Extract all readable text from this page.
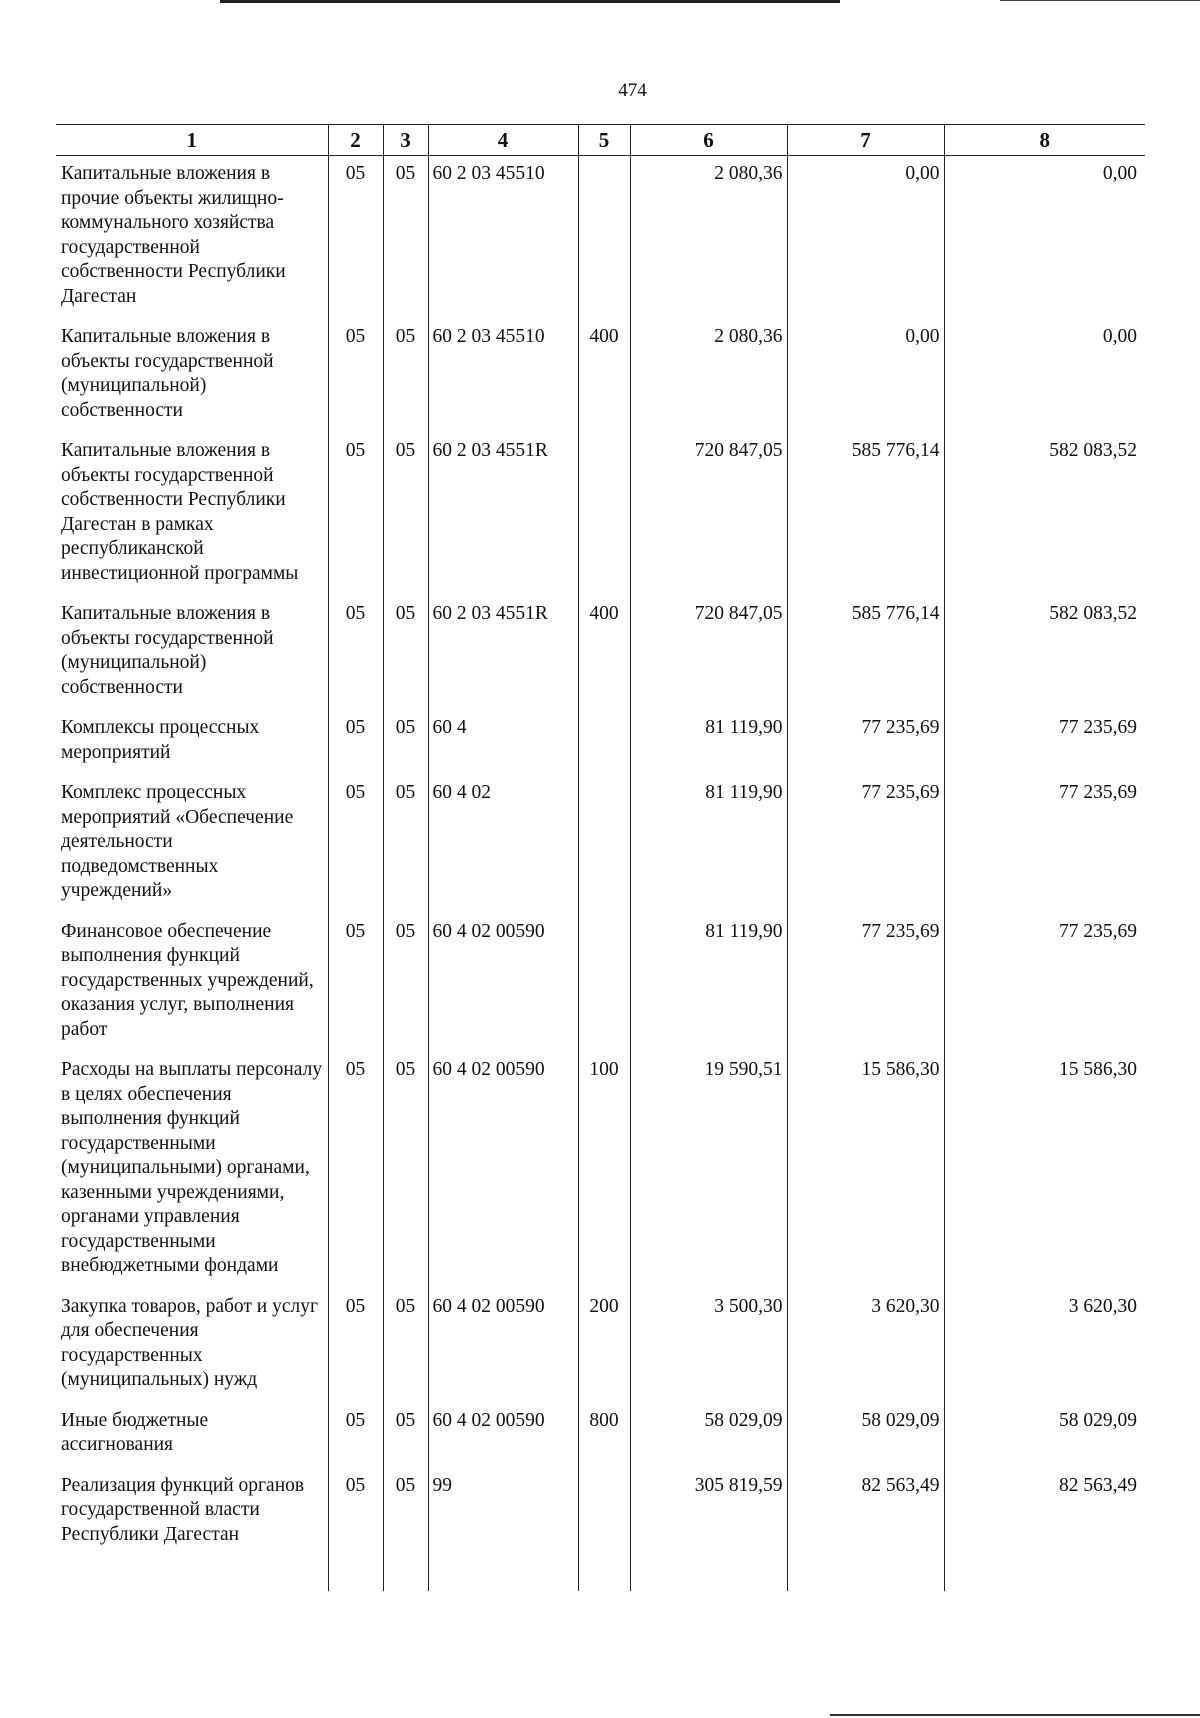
474
1	2	3	4	5	6	7	8
Капитальные вложения в прочие объекты жилищно-коммунального хозяйства государственной собственности Республики Дагестан	05	05	60 2 03 45510		2 080,36	0,00	0,00
Капитальные вложения в объекты государственной (муниципальной) собственности	05	05	60 2 03 45510	400	2 080,36	0,00	0,00
Капитальные вложения в объекты государственной собственности Республики Дагестан в рамках республиканской инвестиционной программы	05	05	60 2 03 4551R		720 847,05	585 776,14	582 083,52
Капитальные вложения в объекты государственной (муниципальной) собственности	05	05	60 2 03 4551R	400	720 847,05	585 776,14	582 083,52
Комплексы процессных мероприятий	05	05	60 4		81 119,90	77 235,69	77 235,69
Комплекс процессных мероприятий «Обеспечение деятельности подведомственных учреждений»	05	05	60 4 02		81 119,90	77 235,69	77 235,69
Финансовое обеспечение выполнения функций государственных учреждений, оказания услуг, выполнения работ	05	05	60 4 02 00590		81 119,90	77 235,69	77 235,69
Расходы на выплаты персоналу в целях обеспечения выполнения функций государственными (муниципальными) органами, казенными учреждениями, органами управления государственными внебюджетными фондами	05	05	60 4 02 00590	100	19 590,51	15 586,30	15 586,30
Закупка товаров, работ и услуг для обеспечения государственных (муниципальных) нужд	05	05	60 4 02 00590	200	3 500,30	3 620,30	3 620,30
Иные бюджетные ассигнования	05	05	60 4 02 00590	800	58 029,09	58 029,09	58 029,09
Реализация функций органов государственной власти Республики Дагестан	05	05	99		305 819,59	82 563,49	82 563,49
